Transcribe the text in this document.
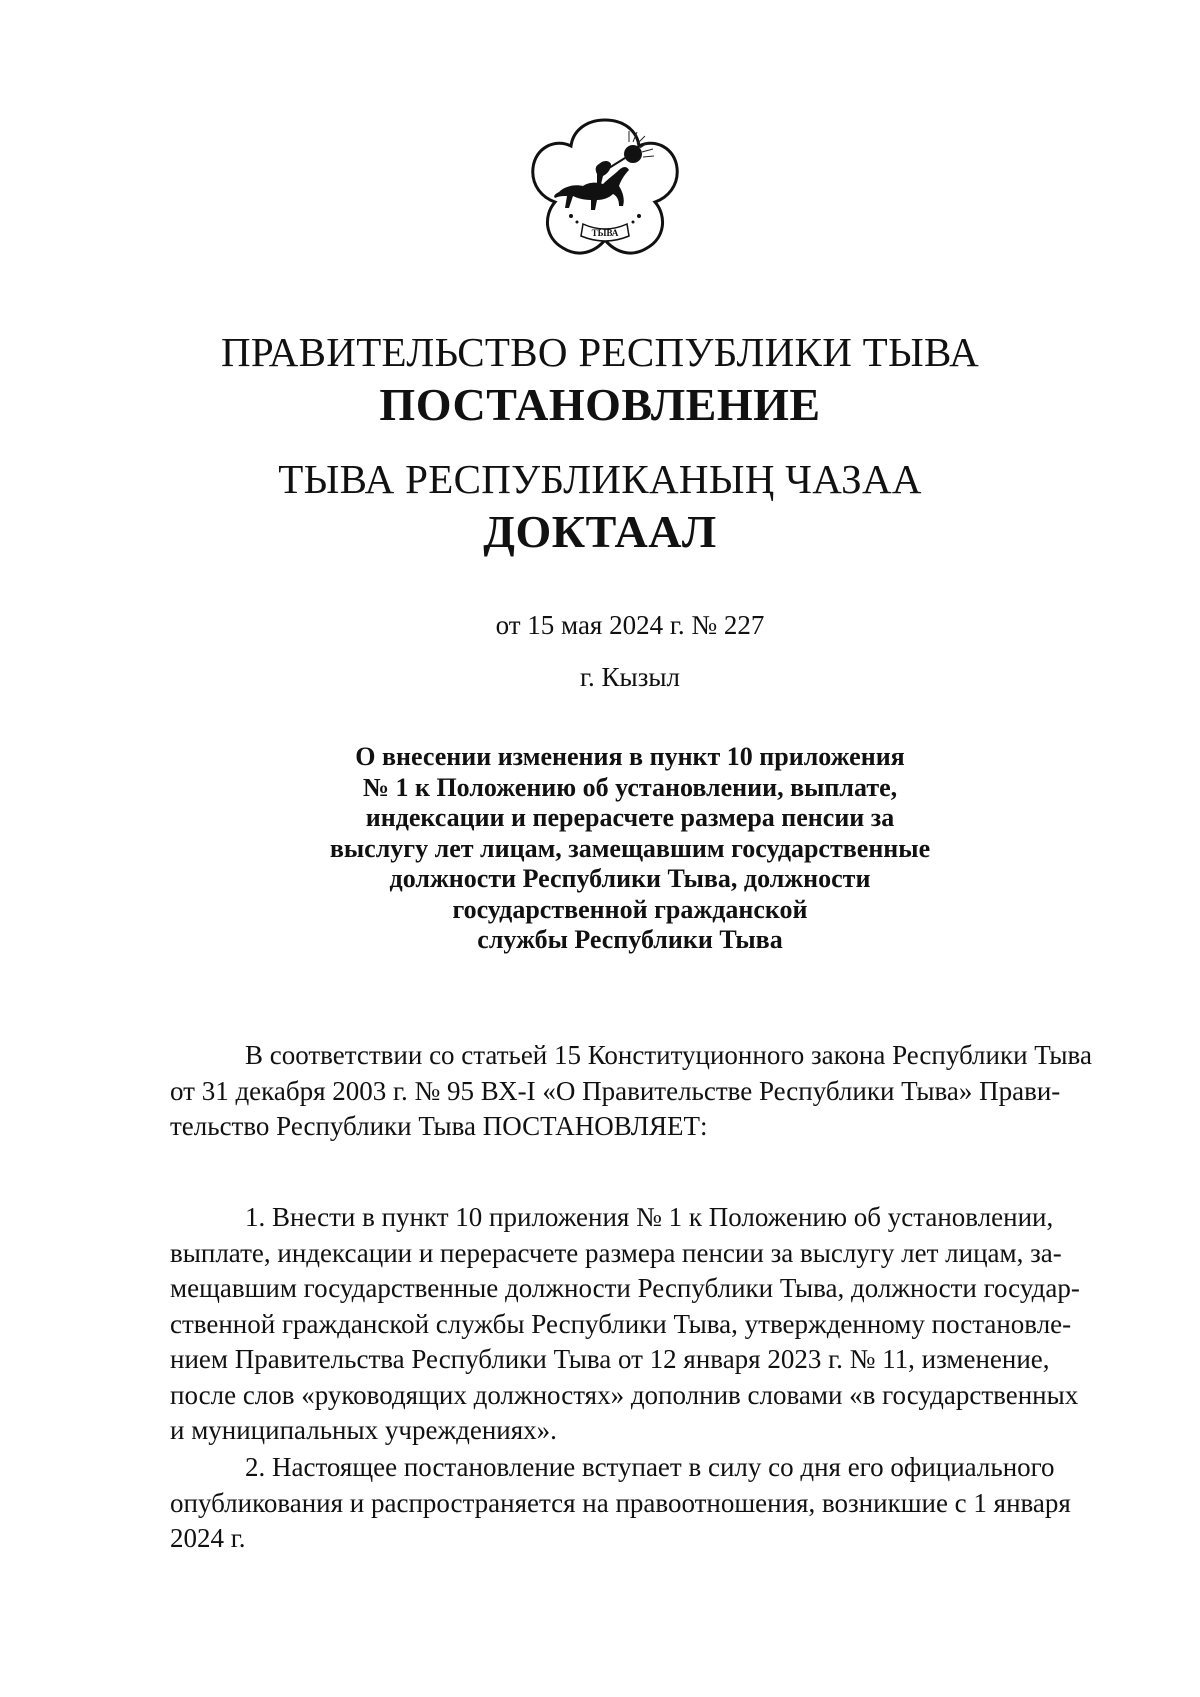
ТЫВА
ПРАВИТЕЛЬСТВО РЕСПУБЛИКИ ТЫВА
ПОСТАНОВЛЕНИЕ
ТЫВА РЕСПУБЛИКАНЫҢ ЧАЗАА
ДОКТААЛ

от 15 мая 2024 г. № 227

г. Кызыл

О внесении изменения в пункт 10 приложения
№ 1 к Положению об установлении, выплате,
индексации и перерасчете размера пенсии за
выслугу лет лицам, замещавшим государственные
должности Республики Тыва, должности
государственной гражданской
службы Республики Тыва
В соответствии со статьей 15 Конституционного закона Республики Тыва
от 31 декабря 2003 г. № 95 ВХ-I «О Правительстве Республики Тыва» Прави-
тельство Республики Тыва ПОСТАНОВЛЯЕТ:
1. Внести в пункт 10 приложения № 1 к Положению об установлении,
выплате, индексации и перерасчете размера пенсии за выслугу лет лицам, за-
мещавшим государственные должности Республики Тыва, должности государ-
ственной гражданской службы Республики Тыва, утвержденному постановле-
нием Правительства Республики Тыва от 12 января 2023 г. № 11, изменение,
после слов «руководящих должностях» дополнив словами «в государственных
и муниципальных учреждениях».
2. Настоящее постановление вступает в силу со дня его официального
опубликования и распространяется на правоотношения, возникшие с 1 января
2024 г.
